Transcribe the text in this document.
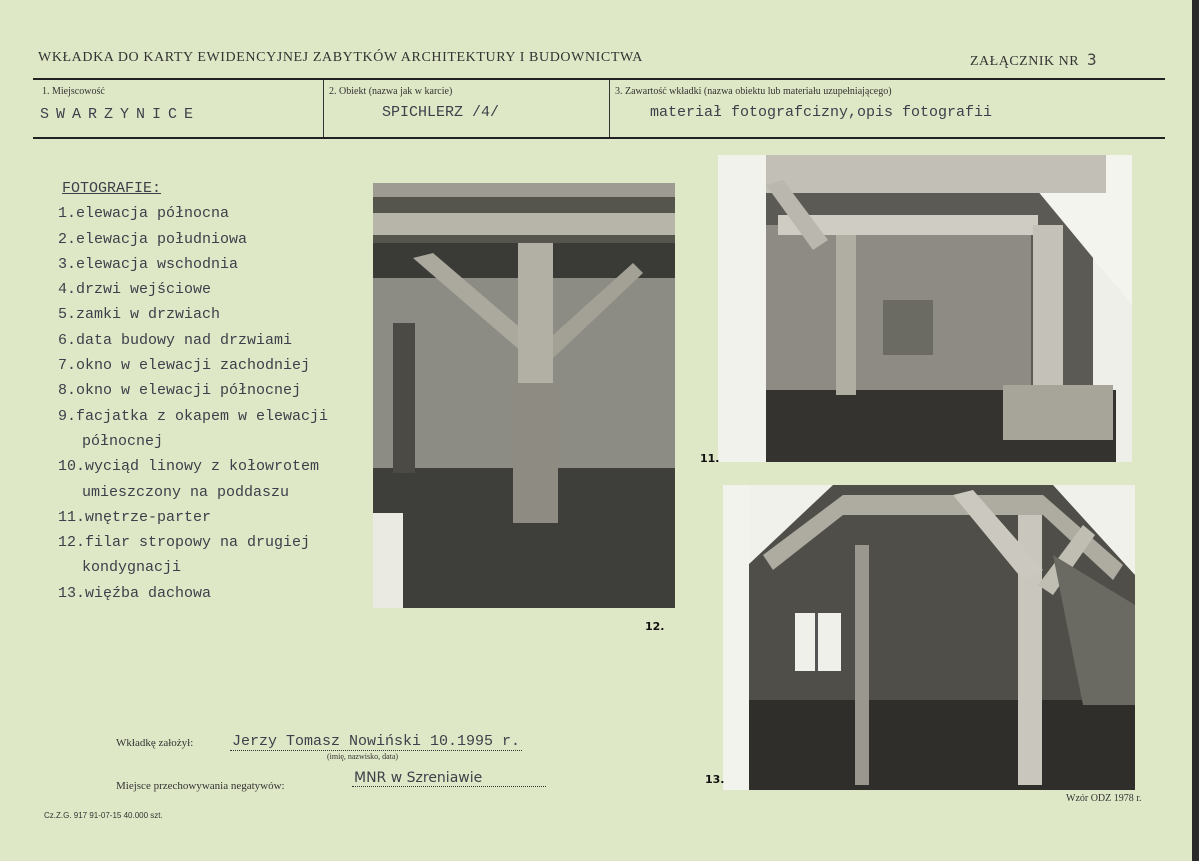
WKŁADKA DO KARTY EWIDENCYJNEJ ZABYTKÓW ARCHITEKTURY I BUDOWNICTWA	ZAŁĄCZNIK NR 3
1. Miejscowość	2. Obiekt (nazwa jak w karcie)	3. Zawartość wkładki (nazwa obiektu lub materiału uzupełniającego)
SWARZYNICE	SPICHLERZ /4/	materiał fotografcizny,opis fotografii
FOTOGRAFIE:
1.elewacja północna
2.elewacja południowa
3.elewacja wschodnia
4.drzwi wejściowe
5.zamki w drzwiach
6.data budowy nad drzwiami
7.okno w elewacji zachodniej
8.okno w elewacji północnej
9.facjatka z okapem w elewacji
północnej
10.wyciąd linowy z kołowrotem
umieszczony na poddaszu
11.wnętrze-parter
12.filar stropowy na drugiej
kondygnacji
13.więźba dachowa
12.
11.
13.
Wkładkę założył:	Jerzy Tomasz Nowiński 10.1995 r.
(imię, nazwisko, data)
Miejsce przechowywania negatywów:	MNR w Szreniawie
Cz.Z.G. 917 91-07-15 40.000 szt.
Wzór ODZ 1978 r.
